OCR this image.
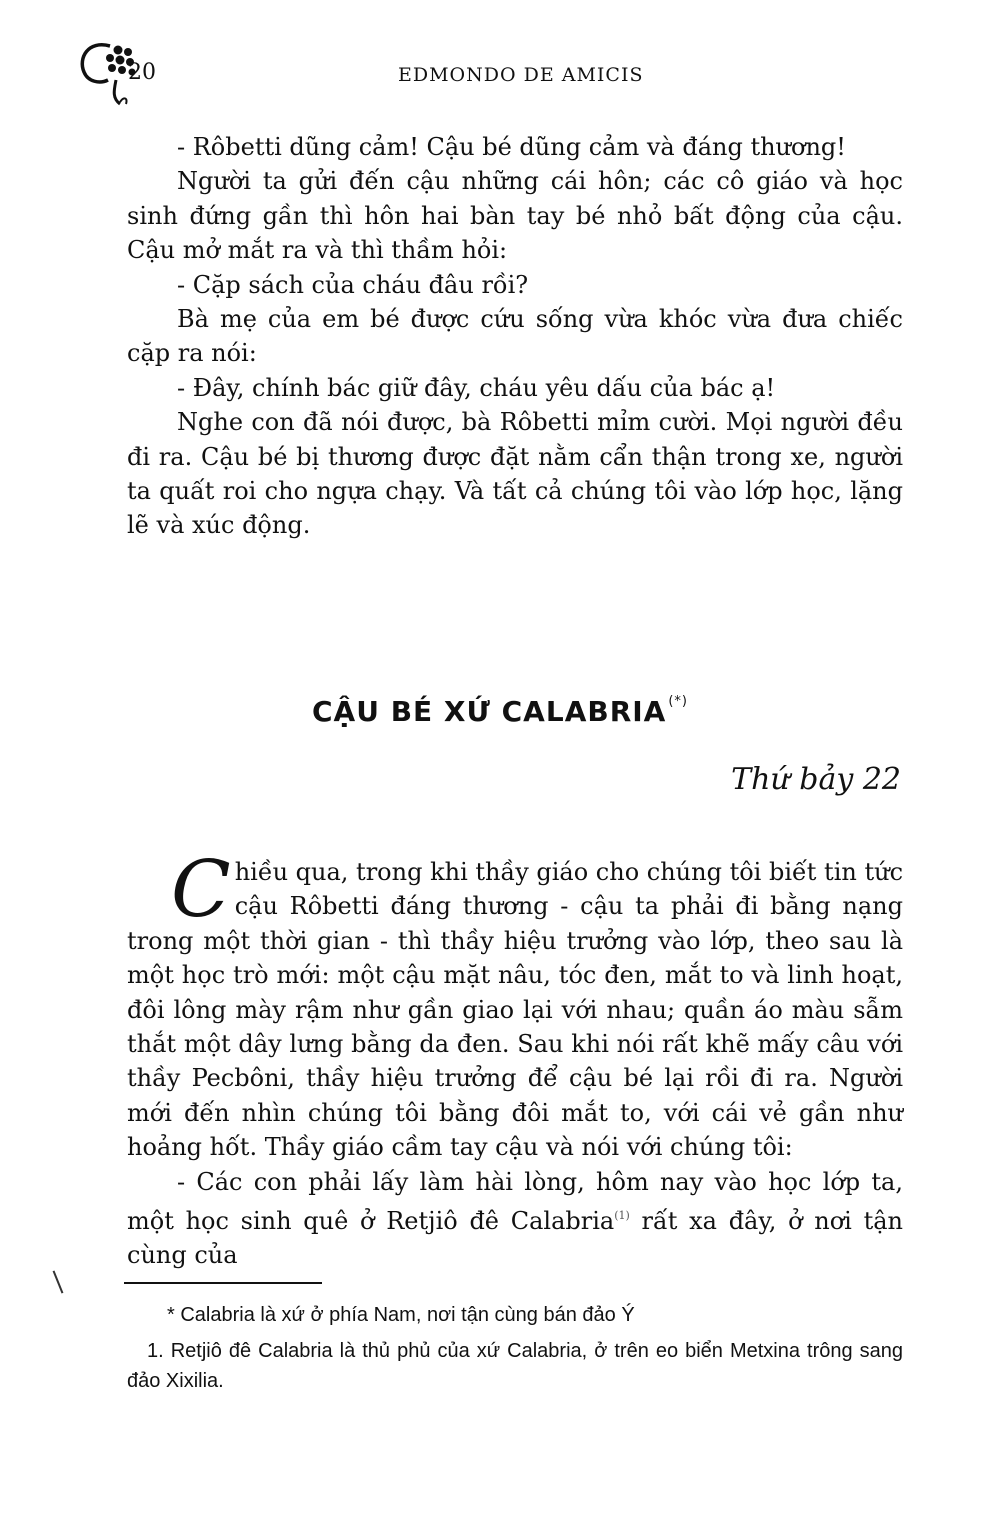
20	EDMONDO DE AMICIS

- Rôbetti dũng cảm! Cậu bé dũng cảm và đáng thương!

Người ta gửi đến cậu những cái hôn; các cô giáo và học sinh đứng gần thì hôn hai bàn tay bé nhỏ bất động của cậu. Cậu mở mắt ra và thì thầm hỏi:

- Cặp sách của cháu đâu rồi?

Bà mẹ của em bé được cứu sống vừa khóc vừa đưa chiếc cặp ra nói:

- Đây, chính bác giữ đây, cháu yêu dấu của bác ạ!

Nghe con đã nói được, bà Rôbetti mỉm cười. Mọi người đều đi ra. Cậu bé bị thương được đặt nằm cẩn thận trong xe, người ta quất roi cho ngựa chạy. Và tất cả chúng tôi vào lớp học, lặng lẽ và xúc động.

CẬU BÉ XỨ CALABRIA (*)
Thứ bảy 22

Chiều qua, trong khi thầy giáo cho chúng tôi biết tin tức cậu Rôbetti đáng thương - cậu ta phải đi bằng nạng trong một thời gian - thì thầy hiệu trưởng vào lớp, theo sau là một học trò mới: một cậu mặt nâu, tóc đen, mắt to và linh hoạt, đôi lông mày rậm như gần giao lại với nhau; quần áo màu sẫm thắt một dây lưng bằng da đen. Sau khi nói rất khẽ mấy câu với thầy Pecbôni, thầy hiệu trưởng để cậu bé lại rồi đi ra. Người mới đến nhìn chúng tôi bằng đôi mắt to, với cái vẻ gần như hoảng hốt. Thầy giáo cầm tay cậu và nói với chúng tôi:

- Các con phải lấy làm hài lòng, hôm nay vào học lớp ta, một học sinh quê ở Retjiô đê Calabria$^{(1)}$ rất xa đây, ở nơi tận cùng của

* Calabria là xứ ở phía Nam, nơi tận cùng bán đảo Ý

1. Retjiô đê Calabria là thủ phủ của xứ Calabria, ở trên eo biển Metxina trông sang đảo Xixilia.
